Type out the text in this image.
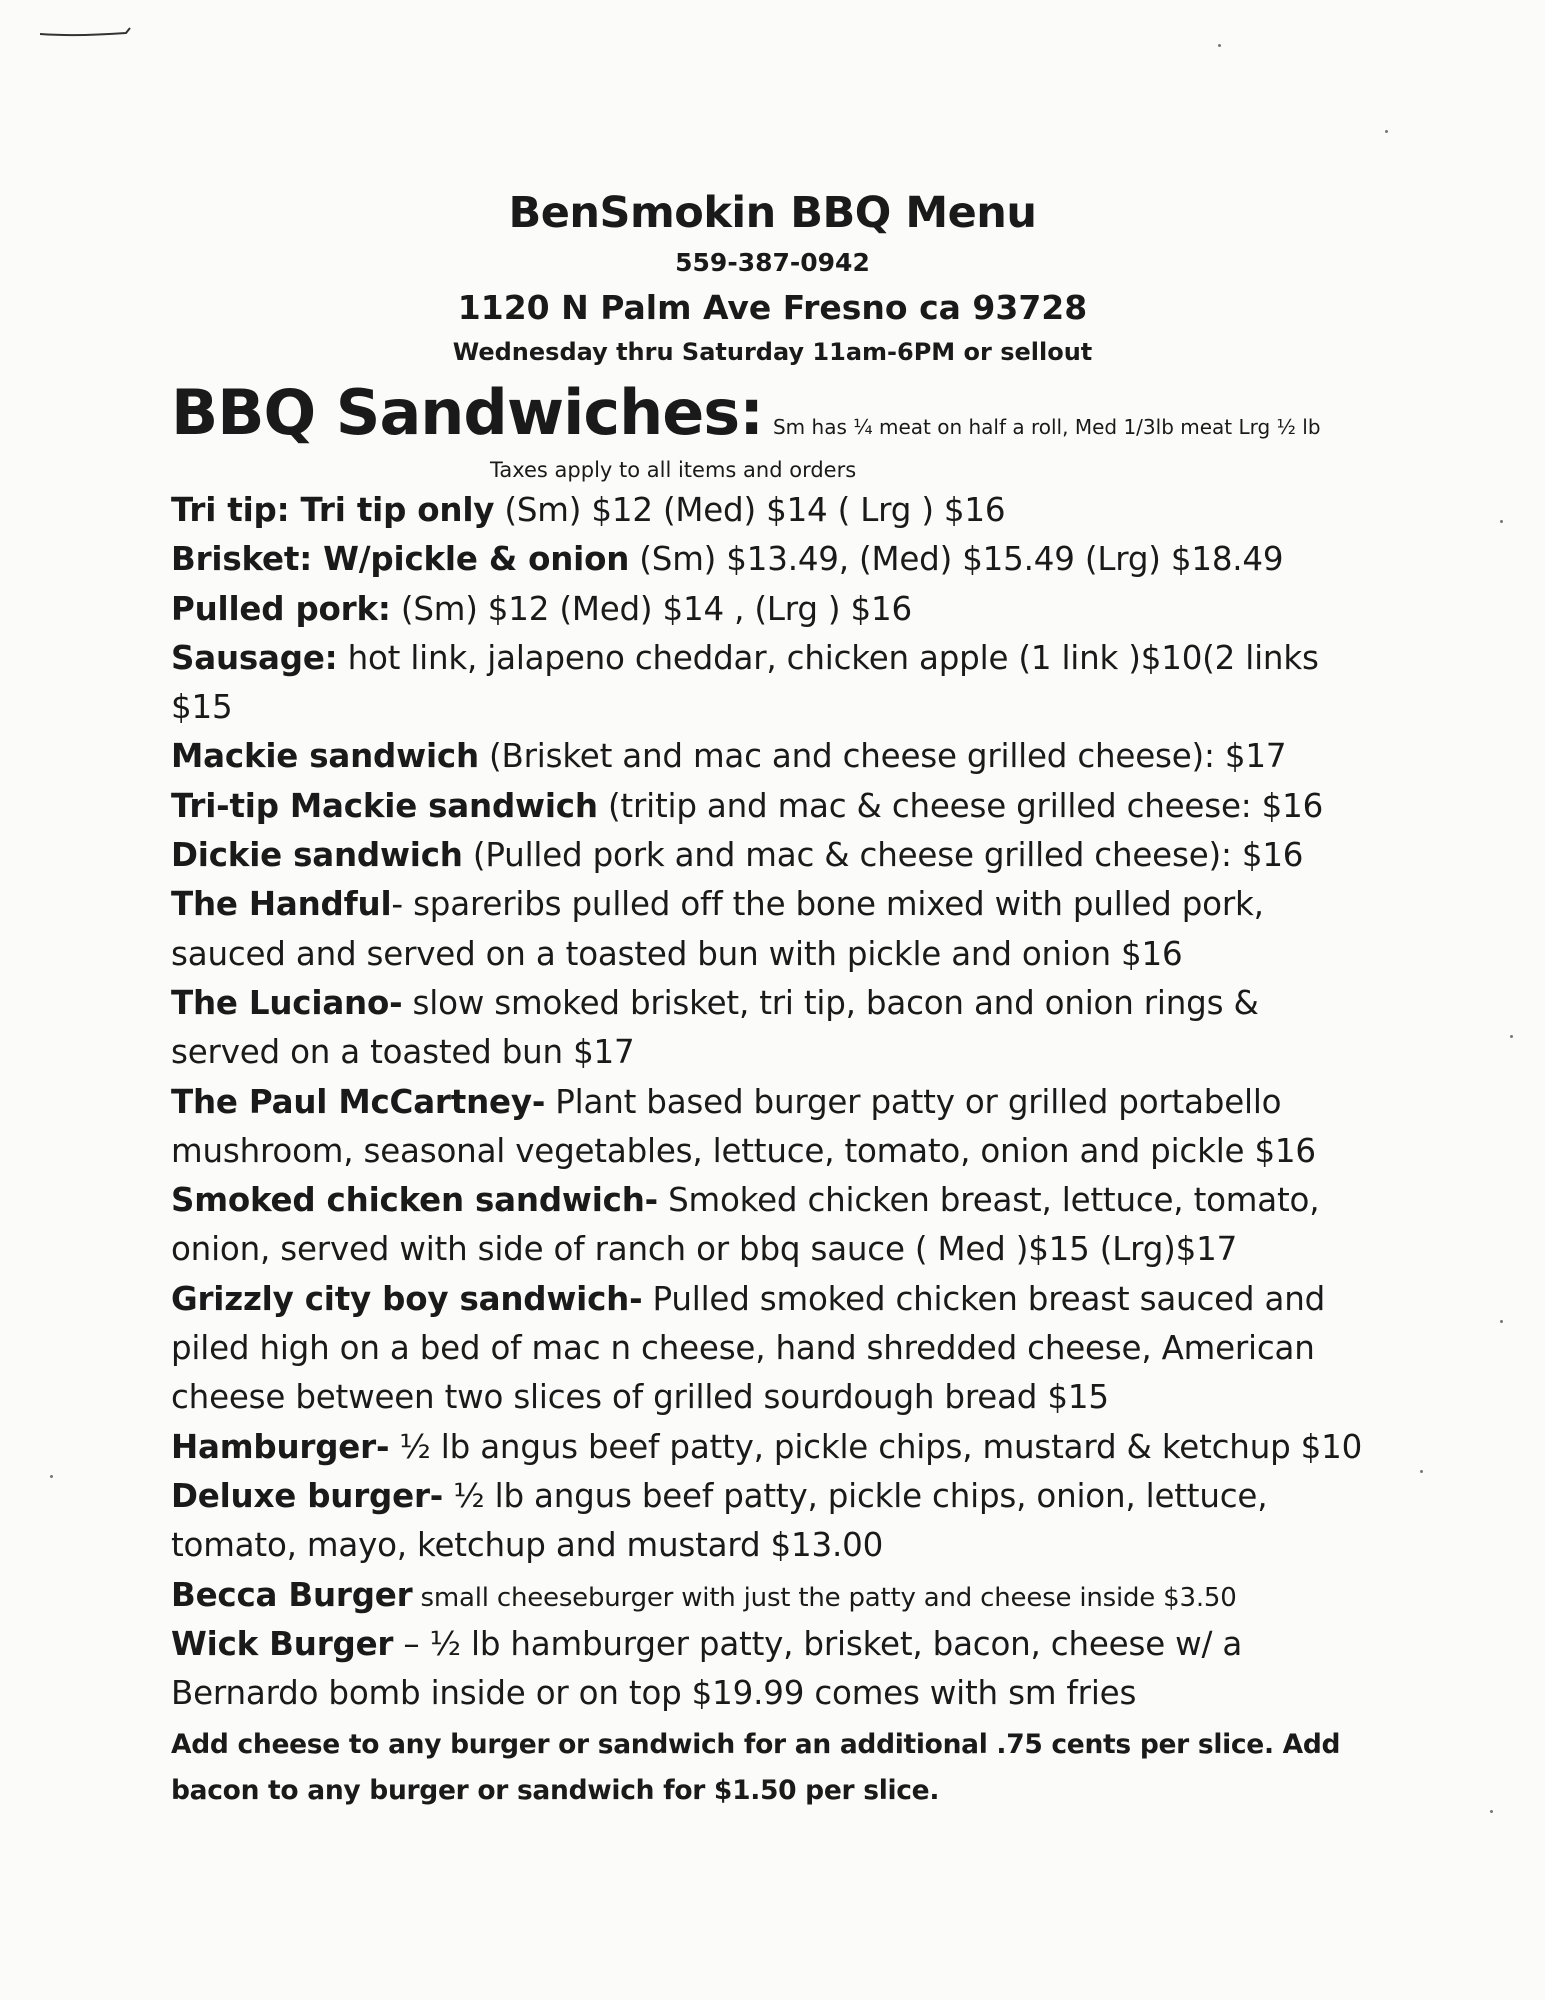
BenSmokin BBQ Menu
559-387-0942
1120 N Palm Ave Fresno ca 93728
Wednesday thru Saturday 11am-6PM or sellout
BBQ Sandwiches: Sm has ¼ meat on half a roll, Med 1/3lb meat Lrg ½ lb
Taxes apply to all items and orders
Tri tip: Tri tip only (Sm) $12 (Med) $14 ( Lrg ) $16
Brisket: W/pickle & onion (Sm) $13.49, (Med) $15.49 (Lrg) $18.49
Pulled pork: (Sm) $12 (Med) $14 , (Lrg ) $16
Sausage: hot link, jalapeno cheddar, chicken apple (1 link )$10(2 links
$15
Mackie sandwich (Brisket and mac and cheese grilled cheese): $17
Tri-tip Mackie sandwich (tritip and mac & cheese grilled cheese: $16
Dickie sandwich (Pulled pork and mac & cheese grilled cheese): $16
The Handful- spareribs pulled off the bone mixed with pulled pork,
sauced and served on a toasted bun with pickle and onion $16
The Luciano- slow smoked brisket, tri tip, bacon and onion rings &
served on a toasted bun $17
The Paul McCartney- Plant based burger patty or grilled portabello
mushroom, seasonal vegetables, lettuce, tomato, onion and pickle $16
Smoked chicken sandwich- Smoked chicken breast, lettuce, tomato,
onion, served with side of ranch or bbq sauce ( Med )$15 (Lrg)$17
Grizzly city boy sandwich- Pulled smoked chicken breast sauced and
piled high on a bed of mac n cheese, hand shredded cheese, American
cheese between two slices of grilled sourdough bread $15
Hamburger- ½ lb angus beef patty, pickle chips, mustard & ketchup $10
Deluxe burger- ½ lb angus beef patty, pickle chips, onion, lettuce,
tomato, mayo, ketchup and mustard $13.00
Becca Burger small cheeseburger with just the patty and cheese inside $3.50
Wick Burger – ½ lb hamburger patty, brisket, bacon, cheese w/ a
Bernardo bomb inside or on top $19.99 comes with sm fries
Add cheese to any burger or sandwich for an additional .75 cents per slice. Add
bacon to any burger or sandwich for $1.50 per slice.
